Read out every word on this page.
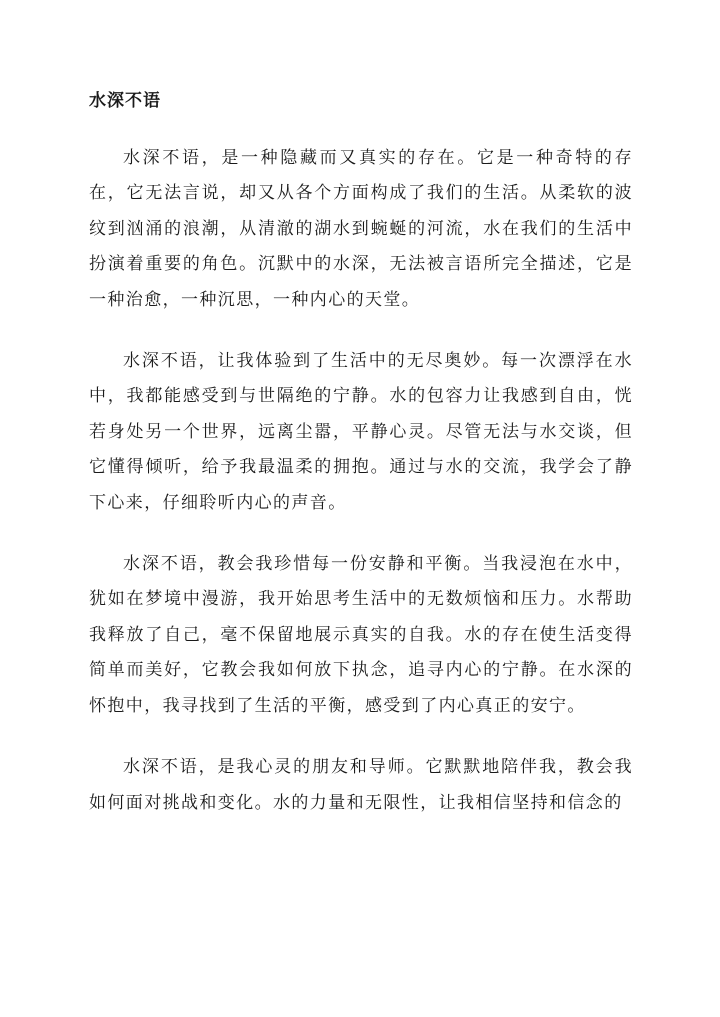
水深不语

水深不语，是一种隐藏而又真实的存在。它是一种奇特的存在，它无法言说，却又从各个方面构成了我们的生活。从柔软的波纹到汹涌的浪潮，从清澈的湖水到蜿蜒的河流，水在我们的生活中扮演着重要的角色。沉默中的水深，无法被言语所完全描述，它是一种治愈，一种沉思，一种内心的天堂。

水深不语，让我体验到了生活中的无尽奥妙。每一次漂浮在水中，我都能感受到与世隔绝的宁静。水的包容力让我感到自由，恍若身处另一个世界，远离尘嚣，平静心灵。尽管无法与水交谈，但它懂得倾听，给予我最温柔的拥抱。通过与水的交流，我学会了静下心来，仔细聆听内心的声音。

水深不语，教会我珍惜每一份安静和平衡。当我浸泡在水中，犹如在梦境中漫游，我开始思考生活中的无数烦恼和压力。水帮助我释放了自己，毫不保留地展示真实的自我。水的存在使生活变得简单而美好，它教会我如何放下执念，追寻内心的宁静。在水深的怀抱中，我寻找到了生活的平衡，感受到了内心真正的安宁。

水深不语，是我心灵的朋友和导师。它默默地陪伴我，教会我如何面对挑战和变化。水的力量和无限性，让我相信坚持和信念的
